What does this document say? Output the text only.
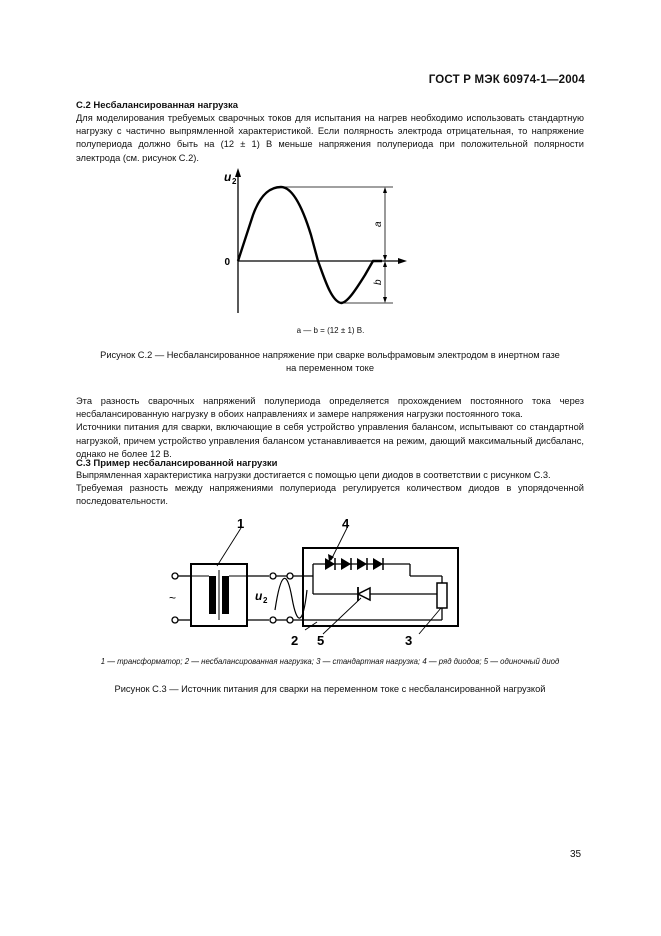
ГОСТ Р МЭК 60974-1—2004
С.2 Несбалансированная нагрузка

Для моделирования требуемых сварочных токов для испытания на нагрев необходимо использовать стандартную нагрузку с частично выпрямленной характеристикой. Если полярность электрода отрицательная, то напряжение полупериода должно быть на (12 ± 1) В меньше напряжения полупериода при положительной полярности электрода (см. рисунок С.2).

u 2
0
a
b
a — b = (12 ± 1) В.
Рисунок С.2 — Несбалансированное напряжение при сварке вольфрамовым электродом в инертном газе
на переменном токе

Эта разность сварочных напряжений полупериода определяется прохождением постоянного тока через несбалансированную нагрузку в обоих направлениях и замере напряжения нагрузки постоянного тока.

Источники питания для сварки, включающие в себя устройство управления балансом, испытывают со стандартной нагрузкой, причем устройство управления балансом устанавливается на режим, дающий максимальный дисбаланс, однако не более 12 В.

С.3 Пример несбалансированной нагрузки

Выпрямленная характеристика нагрузки достигается с помощью цепи диодов в соответствии с рисунком С.3.

Требуемая разность между напряжениями полупериода регулируется количеством диодов в упорядоченной последовательности.

~	u 2
1
2	3
4
5
1 — трансформатор; 2 — несбалансированная нагрузка; 3 — стандартная нагрузка; 4 — ряд диодов; 5 — одиночный диод
Рисунок С.3 — Источник питания для сварки на переменном токе с несбалансированной нагрузкой
35
